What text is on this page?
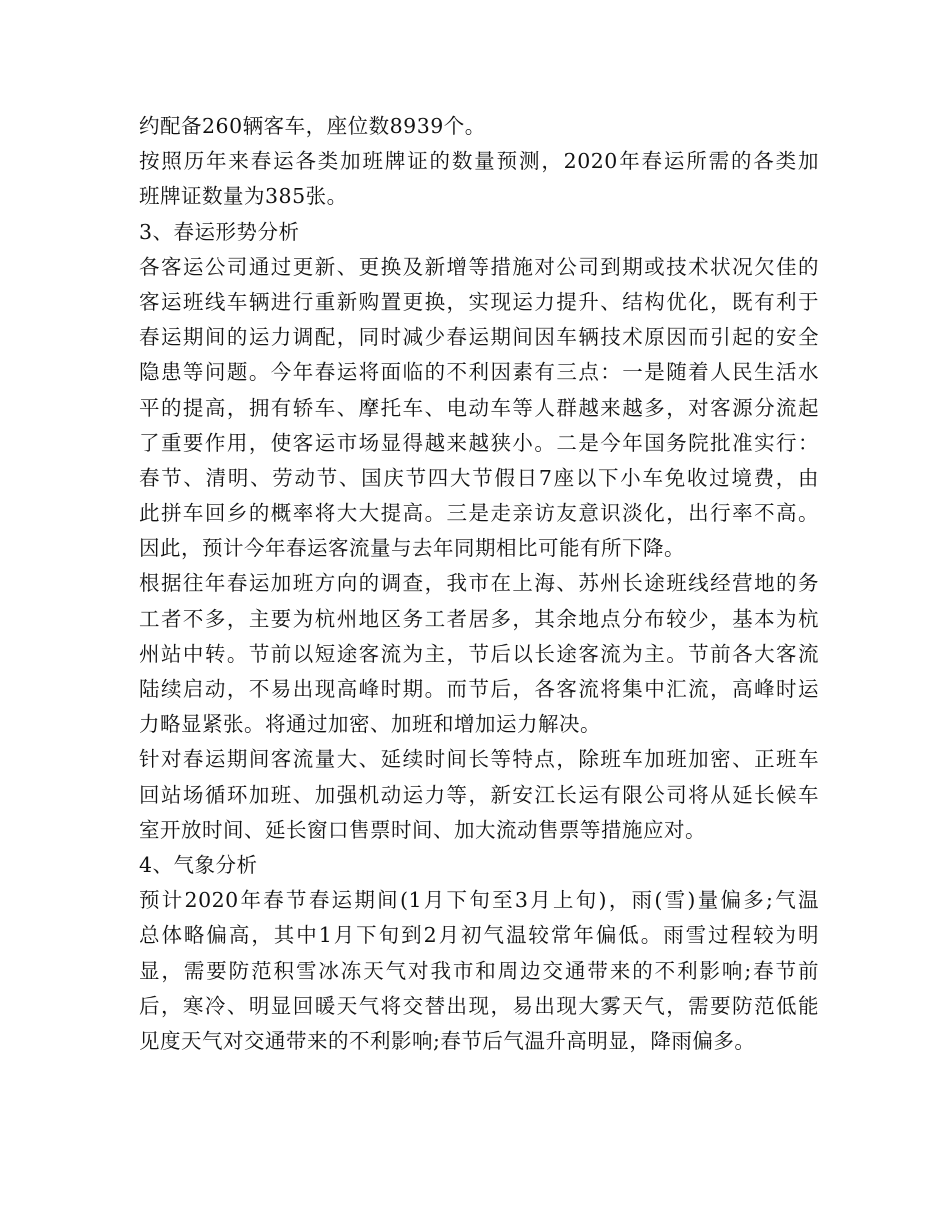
约配备260辆客车，座位数8939个。
按照历年来春运各类加班牌证的数量预测，2020年春运所需的各类加
班牌证数量为385张。
3、春运形势分析
各客运公司通过更新、更换及新增等措施对公司到期或技术状况欠佳的
客运班线车辆进行重新购置更换，实现运力提升、结构优化，既有利于
春运期间的运力调配，同时减少春运期间因车辆技术原因而引起的安全
隐患等问题。今年春运将面临的不利因素有三点：一是随着人民生活水
平的提高，拥有轿车、摩托车、电动车等人群越来越多，对客源分流起
了重要作用，使客运市场显得越来越狭小。二是今年国务院批准实行：
春节、清明、劳动节、国庆节四大节假日7座以下小车免收过境费，由
此拼车回乡的概率将大大提高。三是走亲访友意识淡化，出行率不高。
因此，预计今年春运客流量与去年同期相比可能有所下降。
根据往年春运加班方向的调查，我市在上海、苏州长途班线经营地的务
工者不多，主要为杭州地区务工者居多，其余地点分布较少，基本为杭
州站中转。节前以短途客流为主，节后以长途客流为主。节前各大客流
陆续启动，不易出现高峰时期。而节后，各客流将集中汇流，高峰时运
力略显紧张。将通过加密、加班和增加运力解决。
针对春运期间客流量大、延续时间长等特点，除班车加班加密、正班车
回站场循环加班、加强机动运力等，新安江长运有限公司将从延长候车
室开放时间、延长窗口售票时间、加大流动售票等措施应对。
4、气象分析
预计2020年春节春运期间(1月下旬至3月上旬)，雨(雪)量偏多;气温
总体略偏高，其中1月下旬到2月初气温较常年偏低。雨雪过程较为明
显，需要防范积雪冰冻天气对我市和周边交通带来的不利影响;春节前
后，寒冷、明显回暖天气将交替出现，易出现大雾天气，需要防范低能
见度天气对交通带来的不利影响;春节后气温升高明显，降雨偏多。
